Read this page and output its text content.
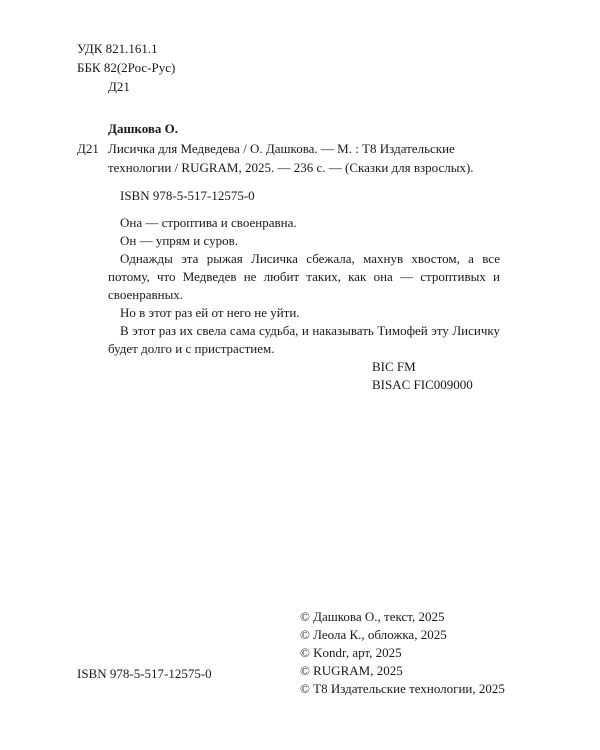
УДК 821.161.1
ББК 82(2Рос-Рус)
Д21
Д21
Дашкова О.
Лисичка для Медведева / О. Дашкова. — М. : Т8 Издательские
технологии / RUGRAM, 2025. — 236 с. — (Сказки для взрослых).
ISBN 978-5-517-12575-0

Она — строптива и своенравна.

Он — упрям и суров.

Однажды эта рыжая Лисичка сбежала, махнув хвостом, а все потому, что Медведев не любит таких, как она — строптивых и своенравных.

Но в этот раз ей от него не уйти.

В этот раз их свела сама судьба, и наказывать Тимофей эту Лисичку будет долго и с пристрастием.

BIC FM
BISAC FIC009000
ISBN 978-5-517-12575-0
© Дашкова О., текст, 2025
© Леола К., обложка, 2025
© Kondr, арт, 2025
© RUGRAM, 2025
© Т8 Издательские технологии, 2025
